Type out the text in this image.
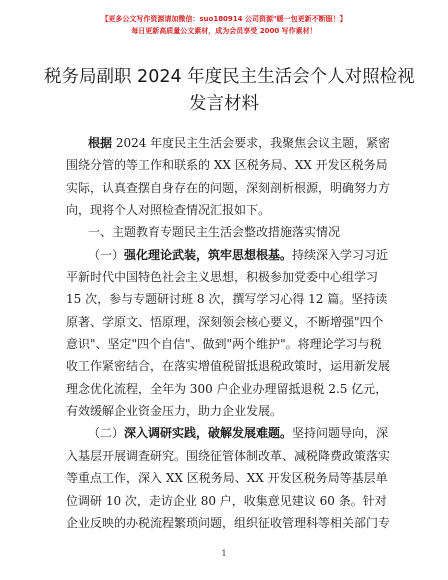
【更多公文写作资源请加微信：suo180914 公司资源"暖一包更新不断服！】
每日更新高质量公文素材，成为会员享受 2000 写作素材！
税务局副职 2024 年度民主生活会个人对照检视
发言材料
根据 2024 年度民主生活会要求，我聚焦会议主题，紧密
围绕分管的等工作和联系的 XX 区税务局、XX 开发区税务局
实际，认真查摆自身存在的问题，深刻剖析根源，明确努力方
向，现将个人对照检查情况汇报如下。
一、主题教育专题民主生活会整改措施落实情况
（一）强化理论武装，筑牢思想根基。持续深入学习习近
平新时代中国特色社会主义思想，积极参加党委中心组学习
15 次，参与专题研讨班 8 次，撰写学习心得 12 篇。坚持读
原著、学原文、悟原理，深刻领会核心要义，不断增强"四个
意识"、坚定"四个自信"、做到"两个维护"。将理论学习与税
收工作紧密结合，在落实增值税留抵退税政策时，运用新发展
理念优化流程，全年为 300 户企业办理留抵退税 2.5 亿元，
有效缓解企业资金压力，助力企业发展。
（二）深入调研实践，破解发展难题。坚持问题导向，深
入基层开展调查研究。围绕征管体制改革、减税降费政策落实
等重点工作，深入 XX 区税务局、XX 开发区税务局等基层单
位调研 10 次，走访企业 80 户，收集意见建议 60 条。针对
企业反映的办税流程繁琐问题，组织征收管理科等相关部门专
1
